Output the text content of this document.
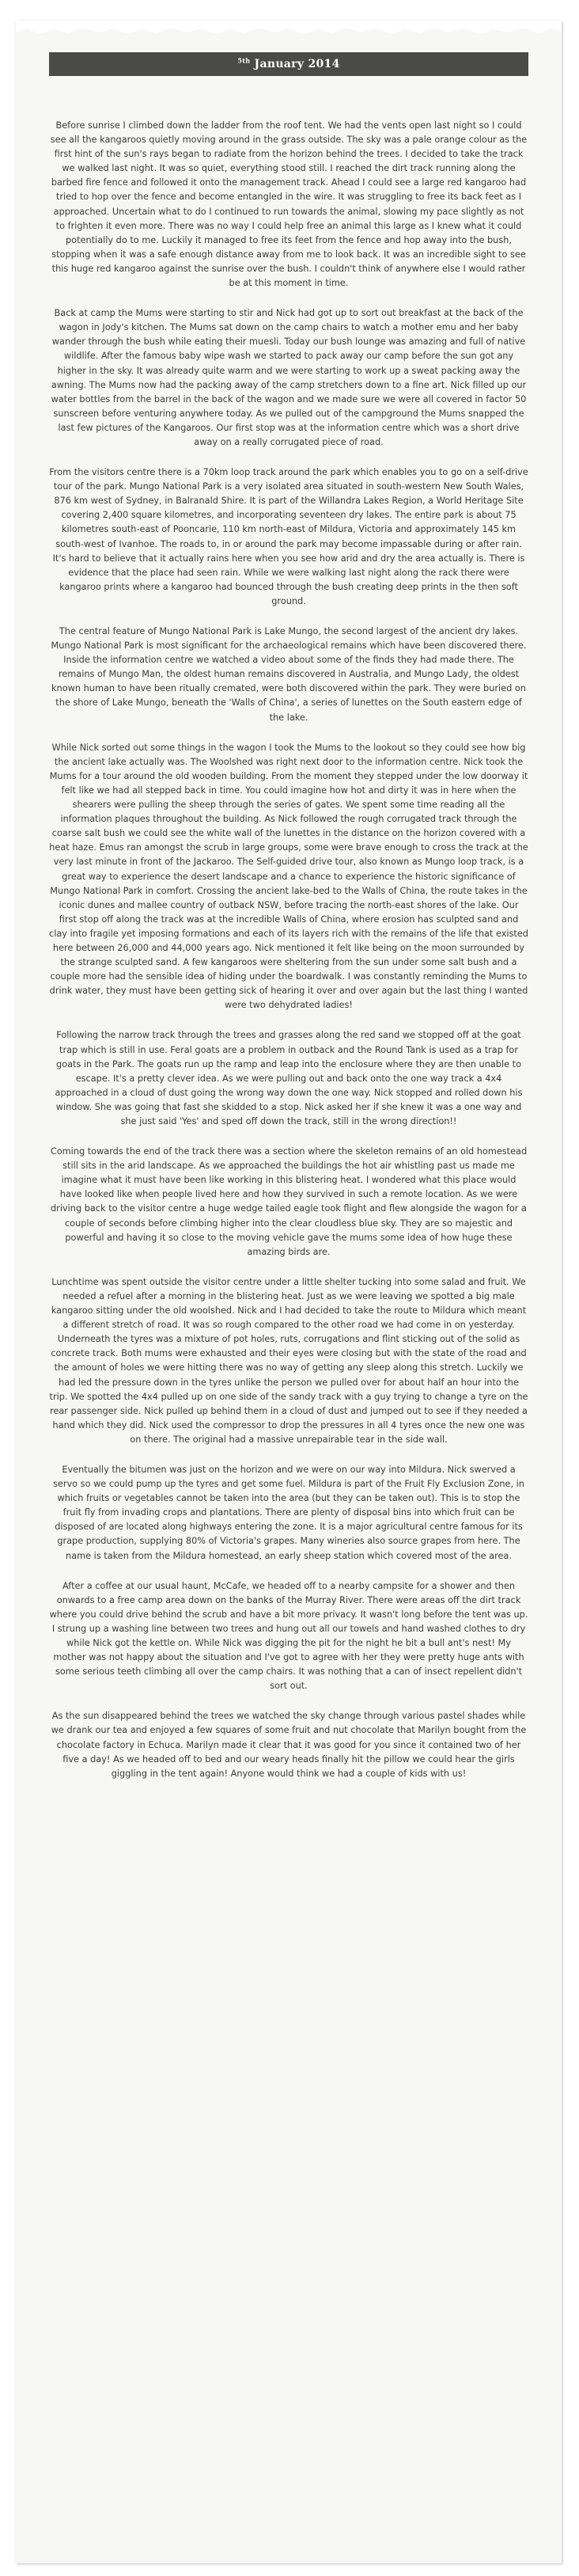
$^{5th}$ January 2014

Before sunrise I climbed down the ladder from the roof tent. We had the vents open last night so I could see all the kangaroos quietly moving around in the grass outside. The sky was a pale orange colour as the first hint of the sun's rays began to radiate from the horizon behind the trees. I decided to take the track we walked last night. It was so quiet, everything stood still. I reached the dirt track running along the barbed fire fence and followed it onto the management track. Ahead I could see a large red kangaroo had tried to hop over the fence and become entangled in the wire. It was struggling to free its back feet as I approached. Uncertain what to do I continued to run towards the animal, slowing my pace slightly as not to frighten it even more. There was no way I could help free an animal this large as I knew what it could potentially do to me. Luckily it managed to free its feet from the fence and hop away into the bush, stopping when it was a safe enough distance away from me to look back. It was an incredible sight to see this huge red kangaroo against the sunrise over the bush. I couldn't think of anywhere else I would rather be at this moment in time.

Back at camp the Mums were starting to stir and Nick had got up to sort out breakfast at the back of the wagon in Jody's kitchen. The Mums sat down on the camp chairs to watch a mother emu and her baby wander through the bush while eating their muesli. Today our bush lounge was amazing and full of native wildlife. After the famous baby wipe wash we started to pack away our camp before the sun got any higher in the sky. It was already quite warm and we were starting to work up a sweat packing away the awning. The Mums now had the packing away of the camp stretchers down to a fine art. Nick filled up our water bottles from the barrel in the back of the wagon and we made sure we were all covered in factor 50 sunscreen before venturing anywhere today. As we pulled out of the campground the Mums snapped the last few pictures of the Kangaroos. Our first stop was at the information centre which was a short drive away on a really corrugated piece of road.

From the visitors centre there is a 70km loop track around the park which enables you to go on a self-drive tour of the park. Mungo National Park is a very isolated area situated in south-western New South Wales, 876 km west of Sydney, in Balranald Shire. It is part of the Willandra Lakes Region, a World Heritage Site covering 2,400 square kilometres, and incorporating seventeen dry lakes. The entire park is about 75 kilometres south-east of Pooncarie, 110 km north-east of Mildura, Victoria and approximately 145 km south-west of Ivanhoe. The roads to, in or around the park may become impassable during or after rain. It's hard to believe that it actually rains here when you see how arid and dry the area actually is. There is evidence that the place had seen rain. While we were walking last night along the rack there were kangaroo prints where a kangaroo had bounced through the bush creating deep prints in the then soft ground.

The central feature of Mungo National Park is Lake Mungo, the second largest of the ancient dry lakes. Mungo National Park is most significant for the archaeological remains which have been discovered there. Inside the information centre we watched a video about some of the finds they had made there. The remains of Mungo Man, the oldest human remains discovered in Australia, and Mungo Lady, the oldest known human to have been ritually cremated, were both discovered within the park. They were buried on the shore of Lake Mungo, beneath the 'Walls of China', a series of lunettes on the South eastern edge of the lake.

While Nick sorted out some things in the wagon I took the Mums to the lookout so they could see how big the ancient lake actually was. The Woolshed was right next door to the information centre. Nick took the Mums for a tour around the old wooden building. From the moment they stepped under the low doorway it felt like we had all stepped back in time. You could imagine how hot and dirty it was in here when the shearers were pulling the sheep through the series of gates. We spent some time reading all the information plaques throughout the building. As Nick followed the rough corrugated track through the coarse salt bush we could see the white wall of the lunettes in the distance on the horizon covered with a heat haze. Emus ran amongst the scrub in large groups, some were brave enough to cross the track at the very last minute in front of the Jackaroo. The Self-guided drive tour, also known as Mungo loop track, is a great way to experience the desert landscape and a chance to experience the historic significance of Mungo National Park in comfort. Crossing the ancient lake-bed to the Walls of China, the route takes in the iconic dunes and mallee country of outback NSW, before tracing the north-east shores of the lake. Our first stop off along the track was at the incredible Walls of China, where erosion has sculpted sand and clay into fragile yet imposing formations and each of its layers rich with the remains of the life that existed here between 26,000 and 44,000 years ago. Nick mentioned it felt like being on the moon surrounded by the strange sculpted sand. A few kangaroos were sheltering from the sun under some salt bush and a couple more had the sensible idea of hiding under the boardwalk. I was constantly reminding the Mums to drink water, they must have been getting sick of hearing it over and over again but the last thing I wanted were two dehydrated ladies!

Following the narrow track through the trees and grasses along the red sand we stopped off at the goat trap which is still in use. Feral goats are a problem in outback and the Round Tank is used as a trap for goats in the Park. The goats run up the ramp and leap into the enclosure where they are then unable to escape. It's a pretty clever idea. As we were pulling out and back onto the one way track a 4x4 approached in a cloud of dust going the wrong way down the one way. Nick stopped and rolled down his window. She was going that fast she skidded to a stop. Nick asked her if she knew it was a one way and she just said 'Yes' and sped off down the track, still in the wrong direction!!

Coming towards the end of the track there was a section where the skeleton remains of an old homestead still sits in the arid landscape. As we approached the buildings the hot air whistling past us made me imagine what it must have been like working in this blistering heat. I wondered what this place would have looked like when people lived here and how they survived in such a remote location. As we were driving back to the visitor centre a huge wedge tailed eagle took flight and flew alongside the wagon for a couple of seconds before climbing higher into the clear cloudless blue sky. They are so majestic and powerful and having it so close to the moving vehicle gave the mums some idea of how huge these amazing birds are.

Lunchtime was spent outside the visitor centre under a little shelter tucking into some salad and fruit. We needed a refuel after a morning in the blistering heat. Just as we were leaving we spotted a big male kangaroo sitting under the old woolshed. Nick and I had decided to take the route to Mildura which meant a different stretch of road. It was so rough compared to the other road we had come in on yesterday. Underneath the tyres was a mixture of pot holes, ruts, corrugations and flint sticking out of the solid as concrete track. Both mums were exhausted and their eyes were closing but with the state of the road and the amount of holes we were hitting there was no way of getting any sleep along this stretch. Luckily we had led the pressure down in the tyres unlike the person we pulled over for about half an hour into the trip. We spotted the 4x4 pulled up on one side of the sandy track with a guy trying to change a tyre on the rear passenger side. Nick pulled up behind them in a cloud of dust and jumped out to see if they needed a hand which they did. Nick used the compressor to drop the pressures in all 4 tyres once the new one was on there. The original had a massive unrepairable tear in the side wall.

Eventually the bitumen was just on the horizon and we were on our way into Mildura. Nick swerved a servo so we could pump up the tyres and get some fuel. Mildura is part of the Fruit Fly Exclusion Zone, in which fruits or vegetables cannot be taken into the area (but they can be taken out). This is to stop the fruit fly from invading crops and plantations. There are plenty of disposal bins into which fruit can be disposed of are located along highways entering the zone. It is a major agricultural centre famous for its grape production, supplying 80% of Victoria's grapes. Many wineries also source grapes from here. The name is taken from the Mildura homestead, an early sheep station which covered most of the area.

After a coffee at our usual haunt, McCafe, we headed off to a nearby campsite for a shower and then onwards to a free camp area down on the banks of the Murray River. There were areas off the dirt track where you could drive behind the scrub and have a bit more privacy. It wasn't long before the tent was up. I strung up a washing line between two trees and hung out all our towels and hand washed clothes to dry while Nick got the kettle on. While Nick was digging the pit for the night he bit a bull ant's nest! My mother was not happy about the situation and I've got to agree with her they were pretty huge ants with some serious teeth climbing all over the camp chairs. It was nothing that a can of insect repellent didn't sort out.

As the sun disappeared behind the trees we watched the sky change through various pastel shades while we drank our tea and enjoyed a few squares of some fruit and nut chocolate that Marilyn bought from the chocolate factory in Echuca. Marilyn made it clear that it was good for you since it contained two of her five a day! As we headed off to bed and our weary heads finally hit the pillow we could hear the girls giggling in the tent again! Anyone would think we had a couple of kids with us!
